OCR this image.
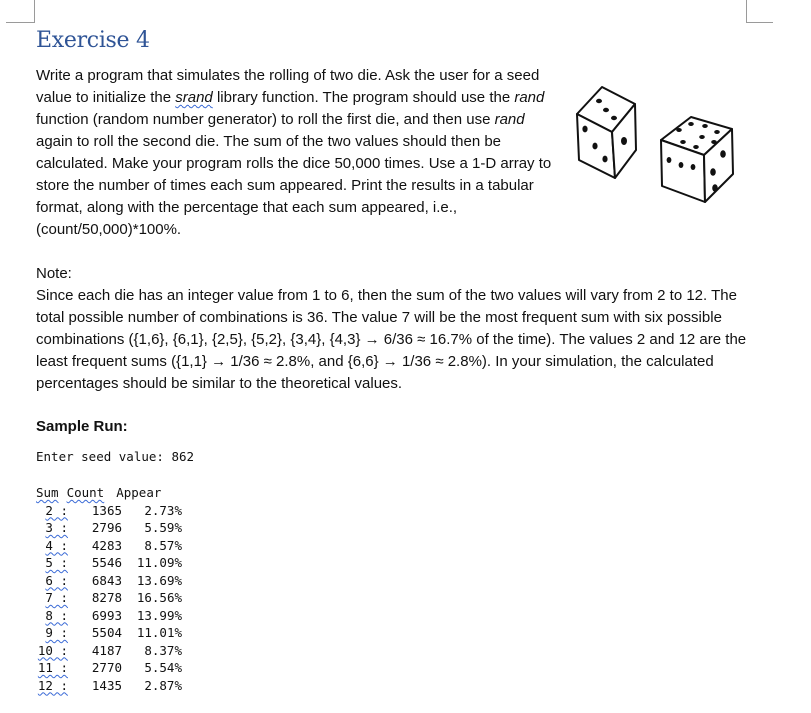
Exercise 4

Write a program that simulates the rolling of two die. Ask the user for a seed value to initialize the srand library function. The program should use the rand function (random number generator) to roll the first die, and then use rand again to roll the second die. The sum of the two values should then be calculated. Make your program rolls the dice 50,000 times. Use a 1-D array to store the number of times each sum appeared. Print the results in a tabular format, along with the percentage that each sum appeared, i.e., (count/50,000)*100%.

Note:
Since each die has an integer value from 1 to 6, then the sum of the two values will vary from 2 to 12. The total possible number of combinations is 36. The value 7 will be the most frequent sum with six possible combinations ({1,6}, {6,1}, {2,5}, {5,2}, {3,4}, {4,3} → 6/36 ≈ 16.7% of the time). The values 2 and 12 are the least frequent sums ({1,1} → 1/36 ≈ 2.8%, and {6,6} → 1/36 ≈ 2.8%). In your simulation, the calculated percentages should be similar to the theoretical values.

Sample Run:

Enter seed value: 862

Sum Count Appear
2 : 1365 2.73%
3 : 2796 5.59%
4 : 4283 8.57%
5 : 5546 11.09%
6 : 6843 13.69%
7 : 8278 16.56%
8 : 6993 13.99%
9 : 5504 11.01%
10 : 4187 8.37%
11 : 2770 5.54%
12 : 1435 2.87%
